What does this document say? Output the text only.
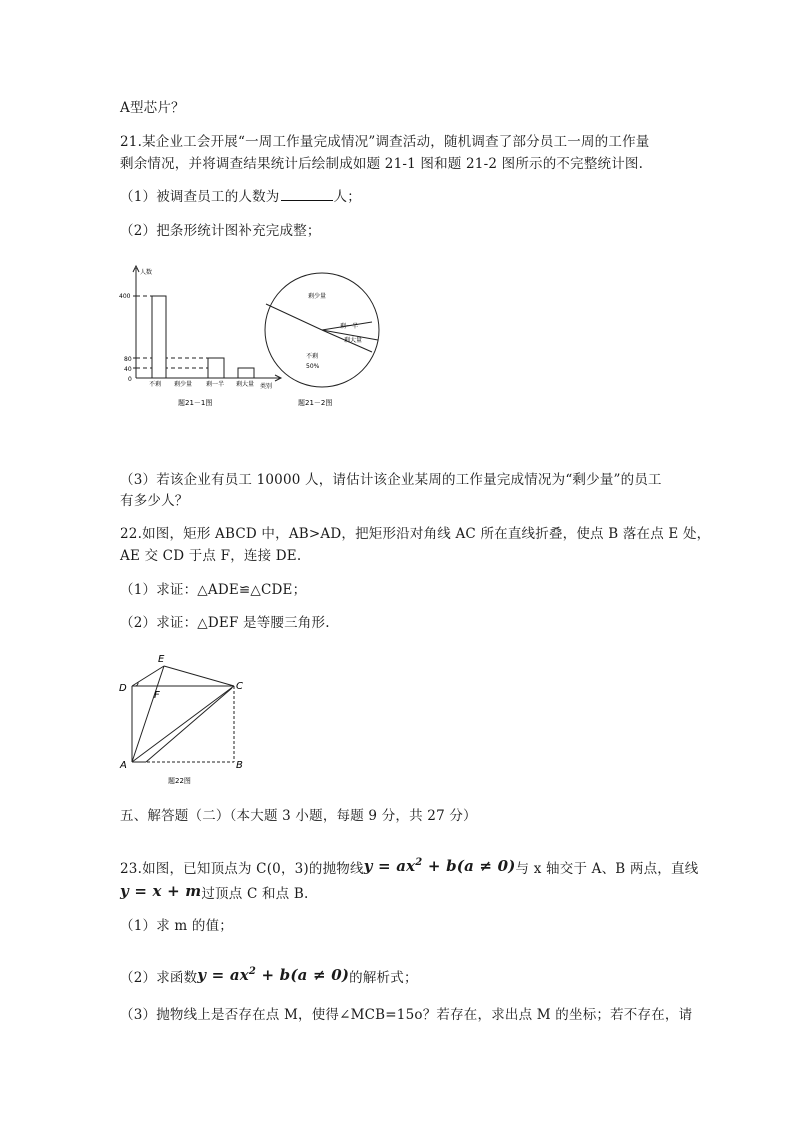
A型芯片？
21.某企业工会开展“一周工作量完成情况”调查活动，随机调查了部分员工一周的工作量
剩余情况，并将调查结果统计后绘制成如题 21-1 图和题 21-2 图所示的不完整统计图.
（1）被调查员工的人数为	人；
（2）把条形统计图补充完成整；
人数
类别
400
80
40
0
不剩 剩少量 剩一半 剩大量
题21－1图
剩少量
剩一半
剩大量
不剩
50%
题21－2图
（3）若该企业有员工 10000 人，请估计该企业某周的工作量完成情况为“剩少量”的员工
有多少人？
22.如图，矩形 ABCD 中，AB>AD，把矩形沿对角线 AC 所在直线折叠，使点 B 落在点 E 处，
AE 交 CD 于点 F，连接 DE.
（1）求证：△ADE≌△CDE；
（2）求证：△DEF 是等腰三角形.
D
E
C
F
A	B
题22图
五、解答题（二）（本大题 3 小题，每题 9 分，共 27 分）
23.如图，已知顶点为 C(0，3)的抛物线$y = ax^2 + b(a \ne 0)$与 x 轴交于 A、B 两点，直线
y = x + m过顶点 C 和点 B.
（1）求 m 的值；
（2）求函数$y = ax^2 + b(a \ne 0)$的解析式；
（3）抛物线上是否存在点 M，使得∠MCB=15o？若存在，求出点 M 的坐标；若不存在，请
